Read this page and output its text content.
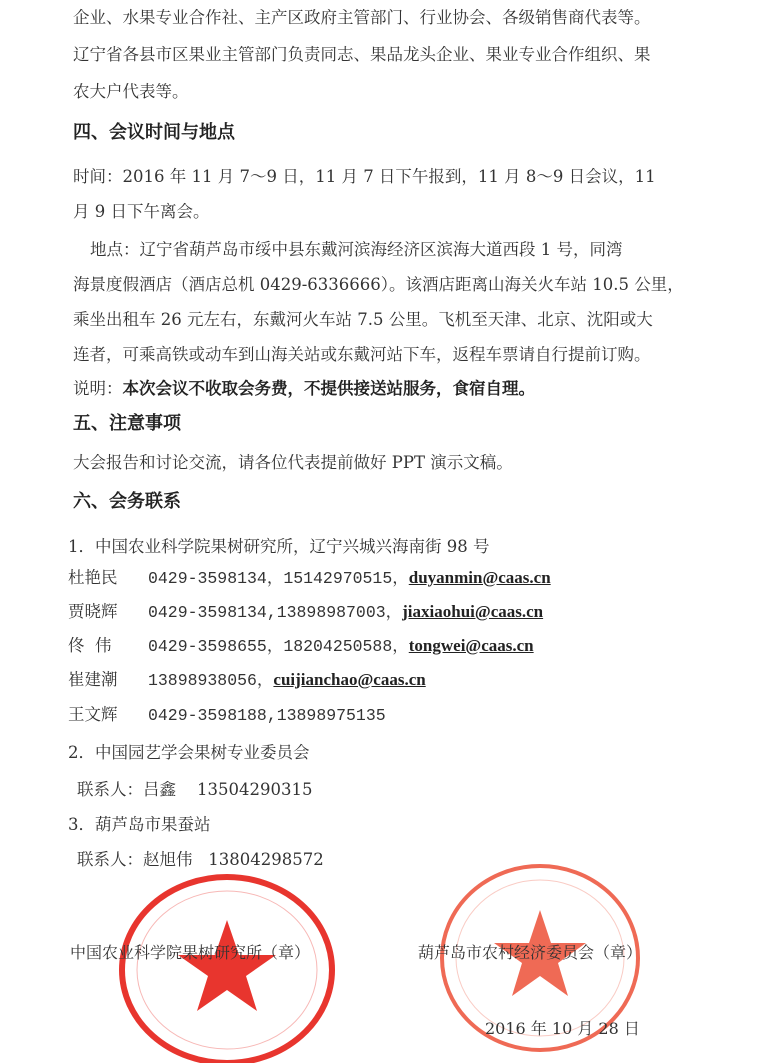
企业、水果专业合作社、主产区政府主管部门、行业协会、各级销售商代表等。
辽宁省各县市区果业主管部门负责同志、果品龙头企业、果业专业合作组织、果
农大户代表等。
四、会议时间与地点
时间：2016 年 11 月 7～9 日，11 月 7 日下午报到，11 月 8～9 日会议，11
月 9 日下午离会。
地点：辽宁省葫芦岛市绥中县东戴河滨海经济区滨海大道西段 1 号，同湾
海景度假酒店（酒店总机 0429-6336666）。该酒店距离山海关火车站 10.5 公里，
乘坐出租车 26 元左右，东戴河火车站 7.5 公里。飞机至天津、北京、沈阳或大
连者，可乘高铁或动车到山海关站或东戴河站下车，返程车票请自行提前订购。
说明：本次会议不收取会务费，不提供接送站服务，食宿自理。
五、注意事项
大会报告和讨论交流，请各位代表提前做好 PPT 演示文稿。
六、会务联系
1．中国农业科学院果树研究所，辽宁兴城兴海南街 98 号
杜艳民 0429-3598134，15142970515，duyanmin@caas.cn
贾晓辉 0429-3598134,13898987003，jiaxiaohui@caas.cn
佟  伟 0429-3598655，18204250588，tongwei@caas.cn
崔建潮 13898938056，cuijianchao@caas.cn
王文辉 0429-3598188,13898975135
2．中国园艺学会果树专业委员会
联系人：吕鑫    13504290315
3．葫芦岛市果蚕站
联系人：赵旭伟   13804298572
中国农业科学院果树研究所（章）	葫芦岛市农村经济委员会（章）
2016 年 10 月 28 日
